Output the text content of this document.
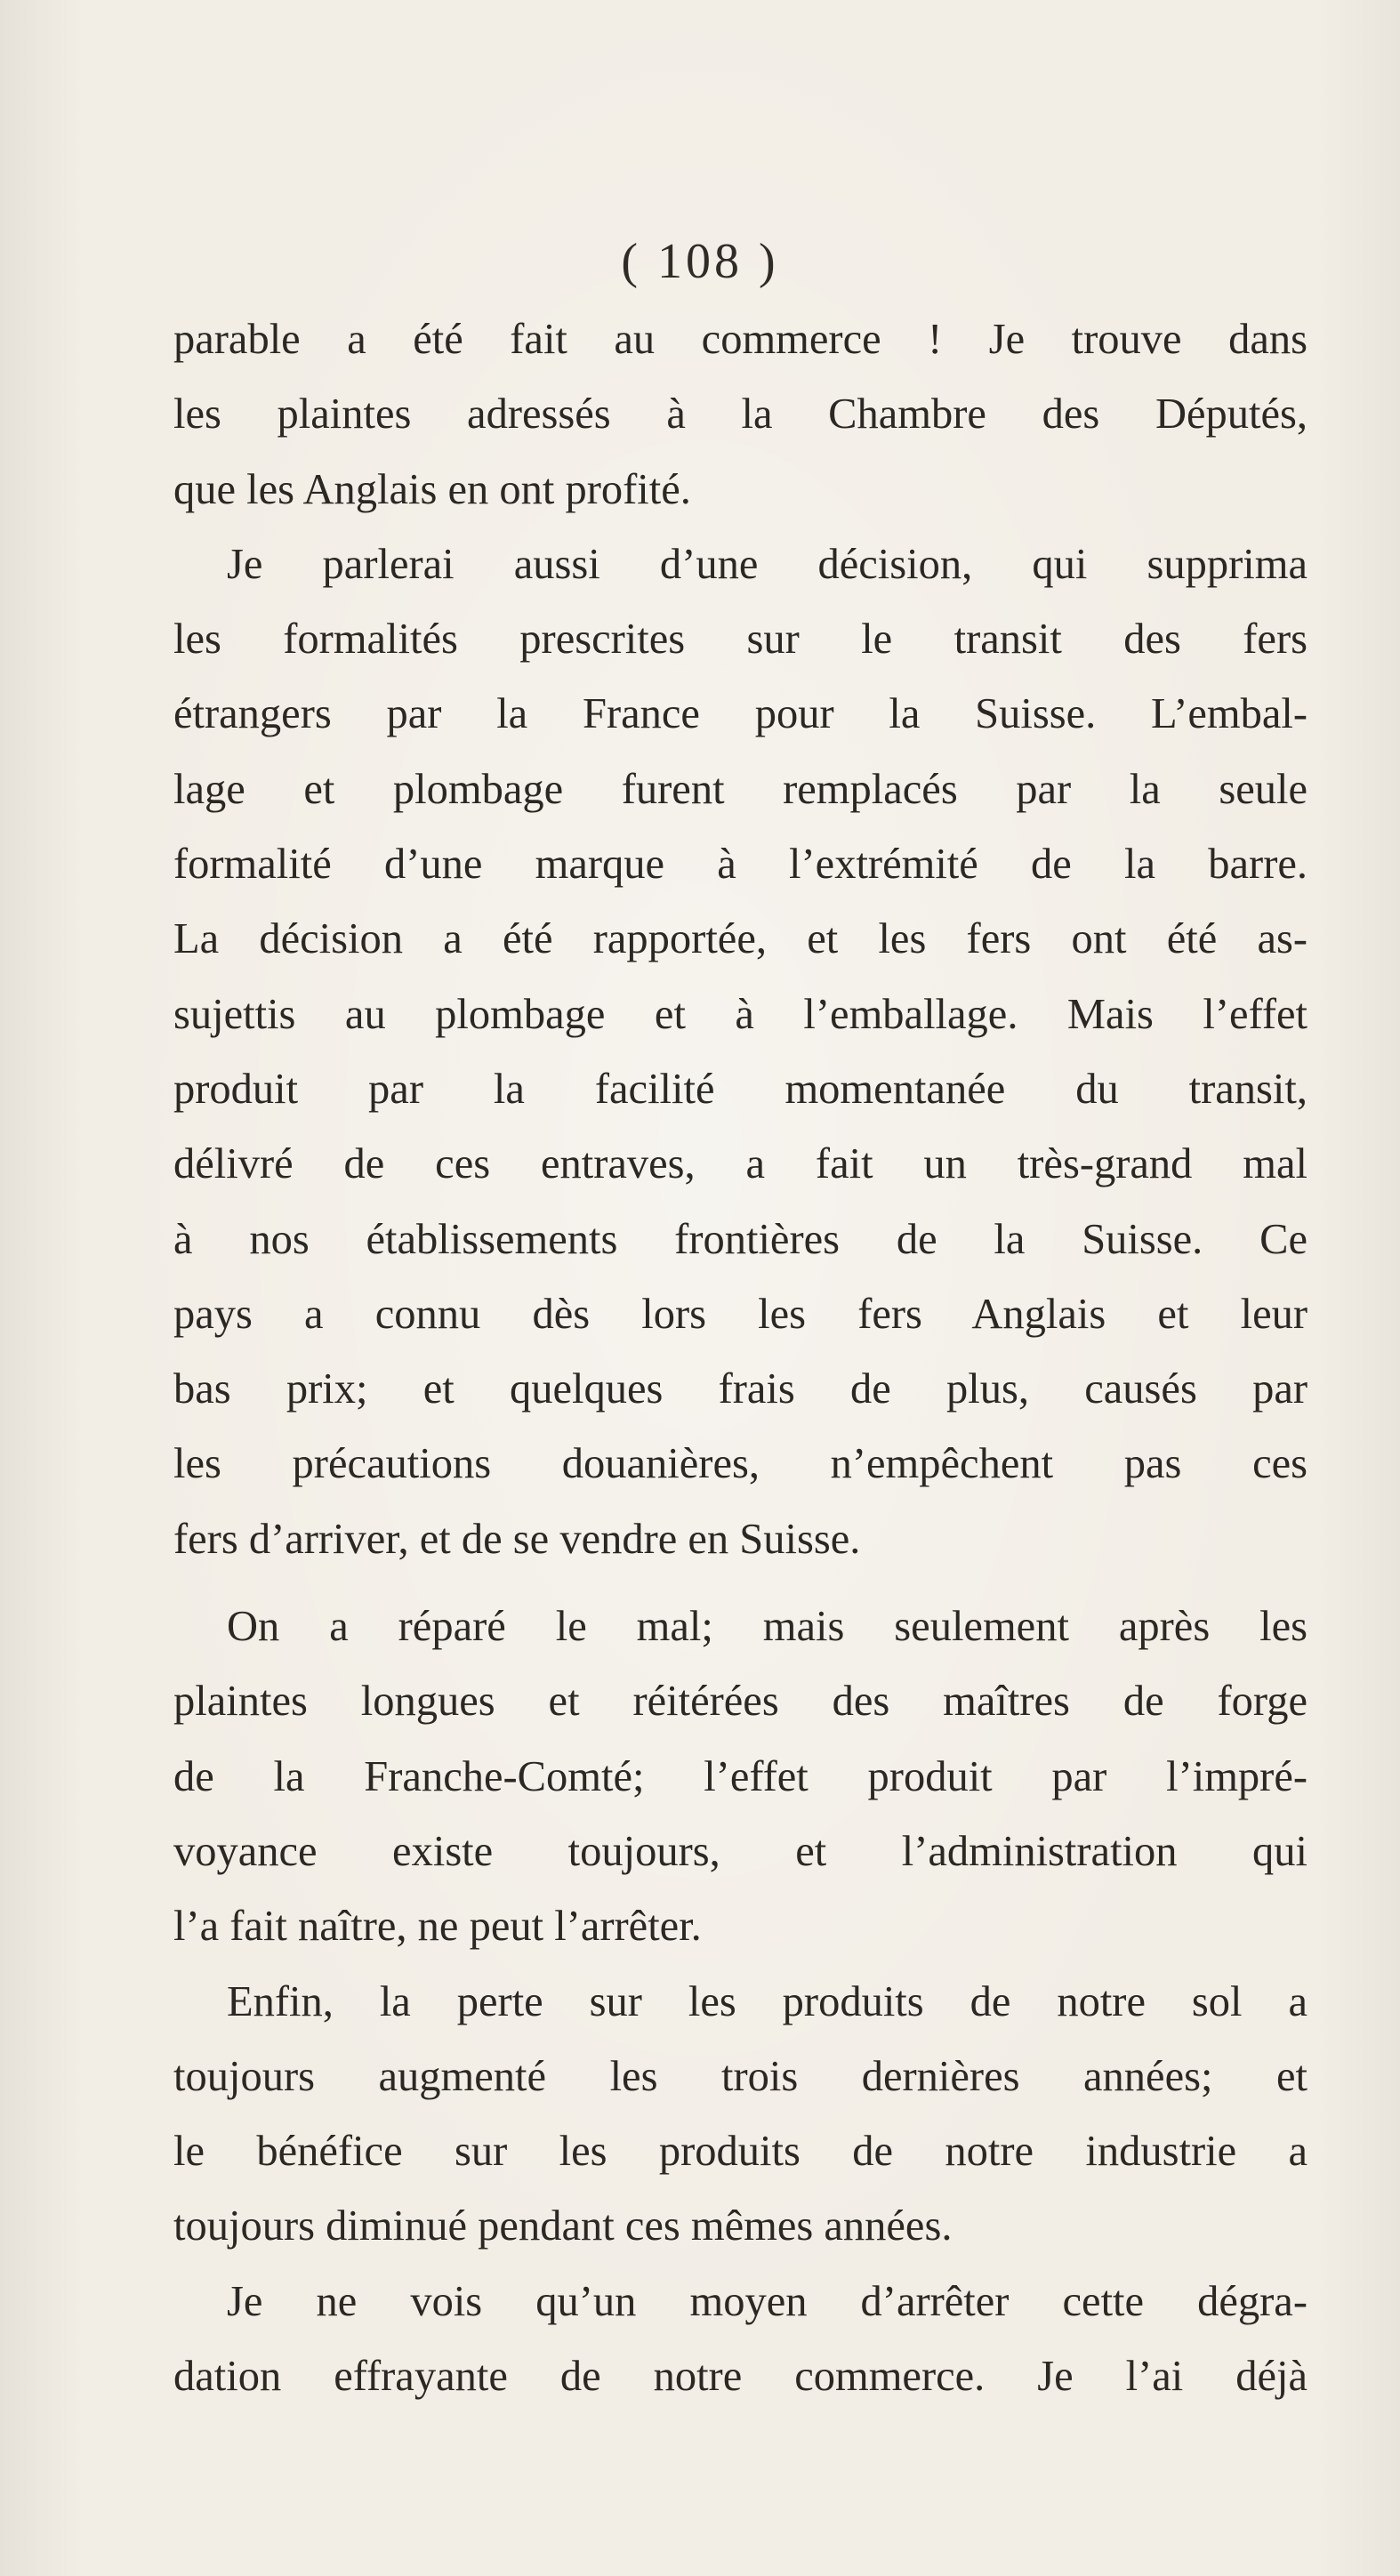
( 108 )
parable a été fait au commerce ! Je trouve dans
les plaintes adressés à la Chambre des Députés,
que les Anglais en ont profité.
Je parlerai aussi d’une décision, qui supprima
les formalités prescrites sur le transit des fers
étrangers par la France pour la Suisse. L’embal-
lage et plombage furent remplacés par la seule
formalité d’une marque à l’extrémité de la barre.
La décision a été rapportée, et les fers ont été as-
sujettis au plombage et à l’emballage. Mais l’effet
produit par la facilité momentanée du transit,
délivré de ces entraves, a fait un très-grand mal
à nos établissements frontières de la Suisse. Ce
pays a connu dès lors les fers Anglais et leur
bas prix; et quelques frais de plus, causés par
les précautions douanières, n’empêchent pas ces
fers d’arriver, et de se vendre en Suisse.
On a réparé le mal; mais seulement après les
plaintes longues et réitérées des maîtres de forge
de la Franche-Comté; l’effet produit par l’impré-
voyance existe toujours, et l’administration qui
l’a fait naître, ne peut l’arrêter.
Enfin, la perte sur les produits de notre sol a
toujours augmenté les trois dernières années; et
le bénéfice sur les produits de notre industrie a
toujours diminué pendant ces mêmes années.
Je ne vois qu’un moyen d’arrêter cette dégra-
dation effrayante de notre commerce. Je l’ai déjà
